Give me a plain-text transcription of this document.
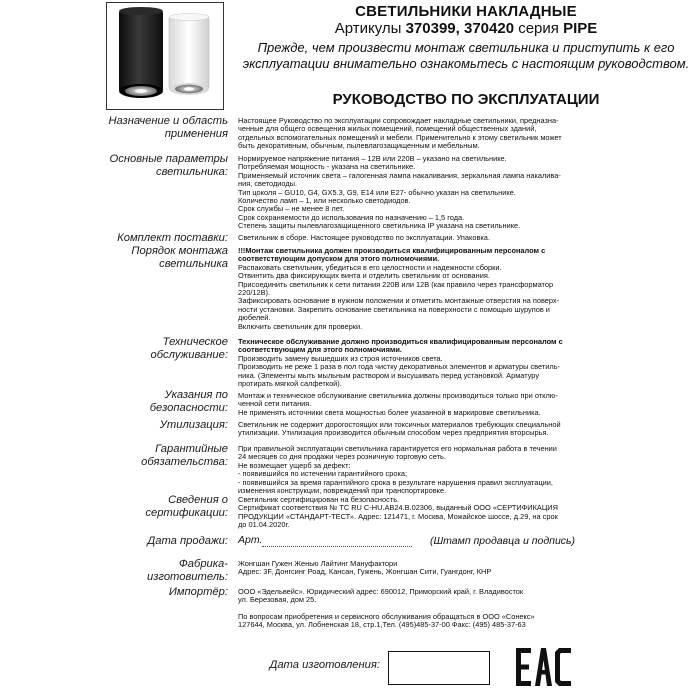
СВЕТИЛЬНИКИ НАКЛАДНЫЕ
Артикулы 370399, 370420 серия PIPE
Прежде, чем произвести монтаж светильника и приступить к его эксплуатации внимательно ознакомьтесь с настоящим руководством.
РУКОВОДСТВО ПО ЭКСПЛУАТАЦИИ
Назначение и область применения

Настоящее Руководство по эксплуатации сопровождает накладные светильники, предназна-

ченные для общего освещения жилых помещений, помещений общественных зданий,

отдельных вспомогательных помещений и мебели. Применительно к этому светильник может

быть декоративным, обычным, пылевлагозащищенным и мебельным.

Основные параметры светильника:

Нормируемое напряжение питания – 12В или 220В – указано на светильнике.

Потребляемая мощность - указана на светильнике.

Применяемый источник света – галогенная лампа накаливания, зеркальная лампа накалива-

ния, светодиоды.

Тип цоколя – GU10, G4, GX5.3, G9, E14 или E27- обычно указан на светильнике.

Количество ламп – 1, или несколько светодиодов.

Срок службы – не менее 8 лет.

Срок сохраняемости до использования по назначению – 1,5 года.

Степень защиты пылевлагозащищенного светильника IP указана на светильнике.

Комплект поставки: Светильник в сборе. Настоящее руководство по эксплуатации. Упаковка.

Порядок монтажа светильника

!!!Монтаж светильника должен производиться квалифицированным персоналом с соответствующим допуском для этого полномочиями.

Распаковать светильник, убедиться в его целостности и надежности сборки.

Отвинтить два фиксирующих винта и отделить светильник от основания.

Присоединить светильник к сети питания 220В или 12В (как правило через трансформатор

220/12В).

Зафиксировать основание в нужном положении и отметить монтажные отверстия на поверх-

ности установки. Закрепить основание светильника на поверхности с помощью шурупов и

дюбелей.

Включить светильник для проверки.

Техническое обслуживание:

Техническое обслуживание должно производиться квалифицированным персоналом с соответствующим для этого полномочиями.

Производить замену вышедших из строя источников света.

Производить не реже 1 раза в пол года чистку декоративных элементов и арматуры светиль-

ника. (Элементы мыть мыльным раствором и высушивать перед установкой. Арматуру

протирать мягкой салфеткой).

Указания по безопасности:

Монтаж и техническое обслуживание светильника должны производиться только при отклю-

ченной сети питания.

Не применять источники света мощностью более указанной в маркировке светильника.

Утилизация: Светильник не содержит дорогостоящих или токсичных материалов требующих специальной

утилизации. Утилизация производится обычным способом через предприятия вторсырья.

Гарантийные обязательства:

При правильной эксплуатации светильника гарантируется его нормальная работа в течении

24 месяцев со дня продажи через розничную торговую сеть.

Не возмещает ущерб за дефект:

- появившийся по истечении гарантийного срока;

- появившийся за время гарантийного срока в результате нарушения правил эксплуатации,

изменения конструкции, повреждений при транспортировке.

Сведения о сертификации:

Светильник сертифицирован на безопасность.

Сертификат соответствия № ТС RU С-HU.АВ24.В.02306, выданный ООО «СЕРТИФИКАЦИЯ

ПРОДУКЦИИ «СТАНДАРТ-ТЕСТ». Адрес: 121471, г. Москва, Можайское шоссе, д.29, на срок

до 01.04.2020г.

Дата продажи: Арт.	(Штамп продавца и подпись)
Фабрика-изготовитель:

Жонгшан Гужен Женью Лайтинг Мануфактори

Адрес: 3F, Донгсинг Роад, Кансан, Гужень, Жонгшан Сити, Гуангдонг, КНР

Импортёр: ООО «Эдельвейс». Юридический адрес: 690012, Приморский край, г. Владивосток

ул. Березовая, дом 25.

По вопросам приобретения и сервисного обслуживания обращаться в ООО «Сонекс»

127644, Москва, ул. Лобненская 18, стр.1,Тел. (495)485-37-00 Факс: (495) 485-37-63

Дата изготовления:
